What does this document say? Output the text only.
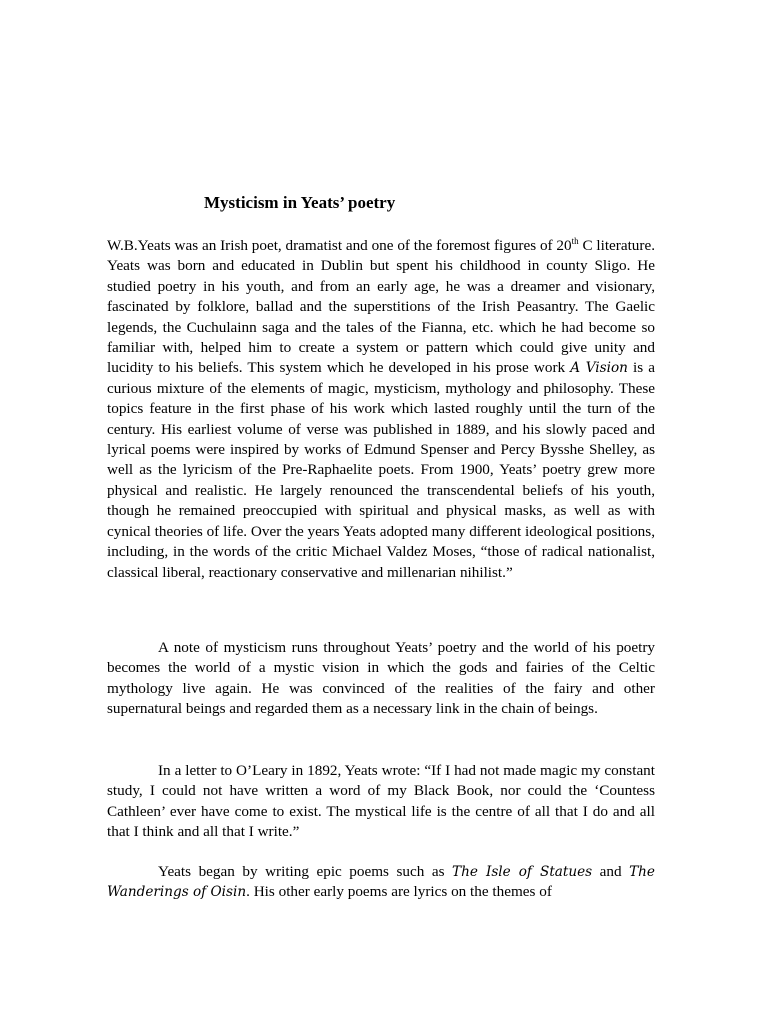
Mysticism in Yeats’ poetry

W.B.Yeats was an Irish poet, dramatist and one of the foremost figures of 20th C literature. Yeats was born and educated in Dublin but spent his childhood in county Sligo. He studied poetry in his youth, and from an early age, he was a dreamer and visionary, fascinated by folklore, ballad and the superstitions of the Irish Peasantry. The Gaelic legends, the Cuchulainn saga and the tales of the Fianna, etc. which he had become so familiar with, helped him to create a system or pattern which could give unity and lucidity to his beliefs. This system which he developed in his prose work A Vision is a curious mixture of the elements of magic, mysticism, mythology and philosophy. These topics feature in the first phase of his work which lasted roughly until the turn of the century. His earliest volume of verse was published in 1889, and his slowly paced and lyrical poems were inspired by works of Edmund Spenser and Percy Bysshe Shelley, as well as the lyricism of the Pre-Raphaelite poets. From 1900, Yeats’ poetry grew more physical and realistic. He largely renounced the transcendental beliefs of his youth, though he remained preoccupied with spiritual and physical masks, as well as with cynical theories of life. Over the years Yeats adopted many different ideological positions, including, in the words of the critic Michael Valdez Moses, “those of radical nationalist, classical liberal, reactionary conservative and millenarian nihilist.”

A note of mysticism runs throughout Yeats’ poetry and the world of his poetry becomes the world of a mystic vision in which the gods and fairies of the Celtic mythology live again. He was convinced of the realities of the fairy and other supernatural beings and regarded them as a necessary link in the chain of beings.

In a letter to O’Leary in 1892, Yeats wrote: “If I had not made magic my constant study, I could not have written a word of my Black Book, nor could the ‘Countess Cathleen’ ever have come to exist. The mystical life is the centre of all that I do and all that I think and all that I write.”

Yeats began by writing epic poems such as The Isle of Statues and The Wanderings of Oisin. His other early poems are lyrics on the themes of
